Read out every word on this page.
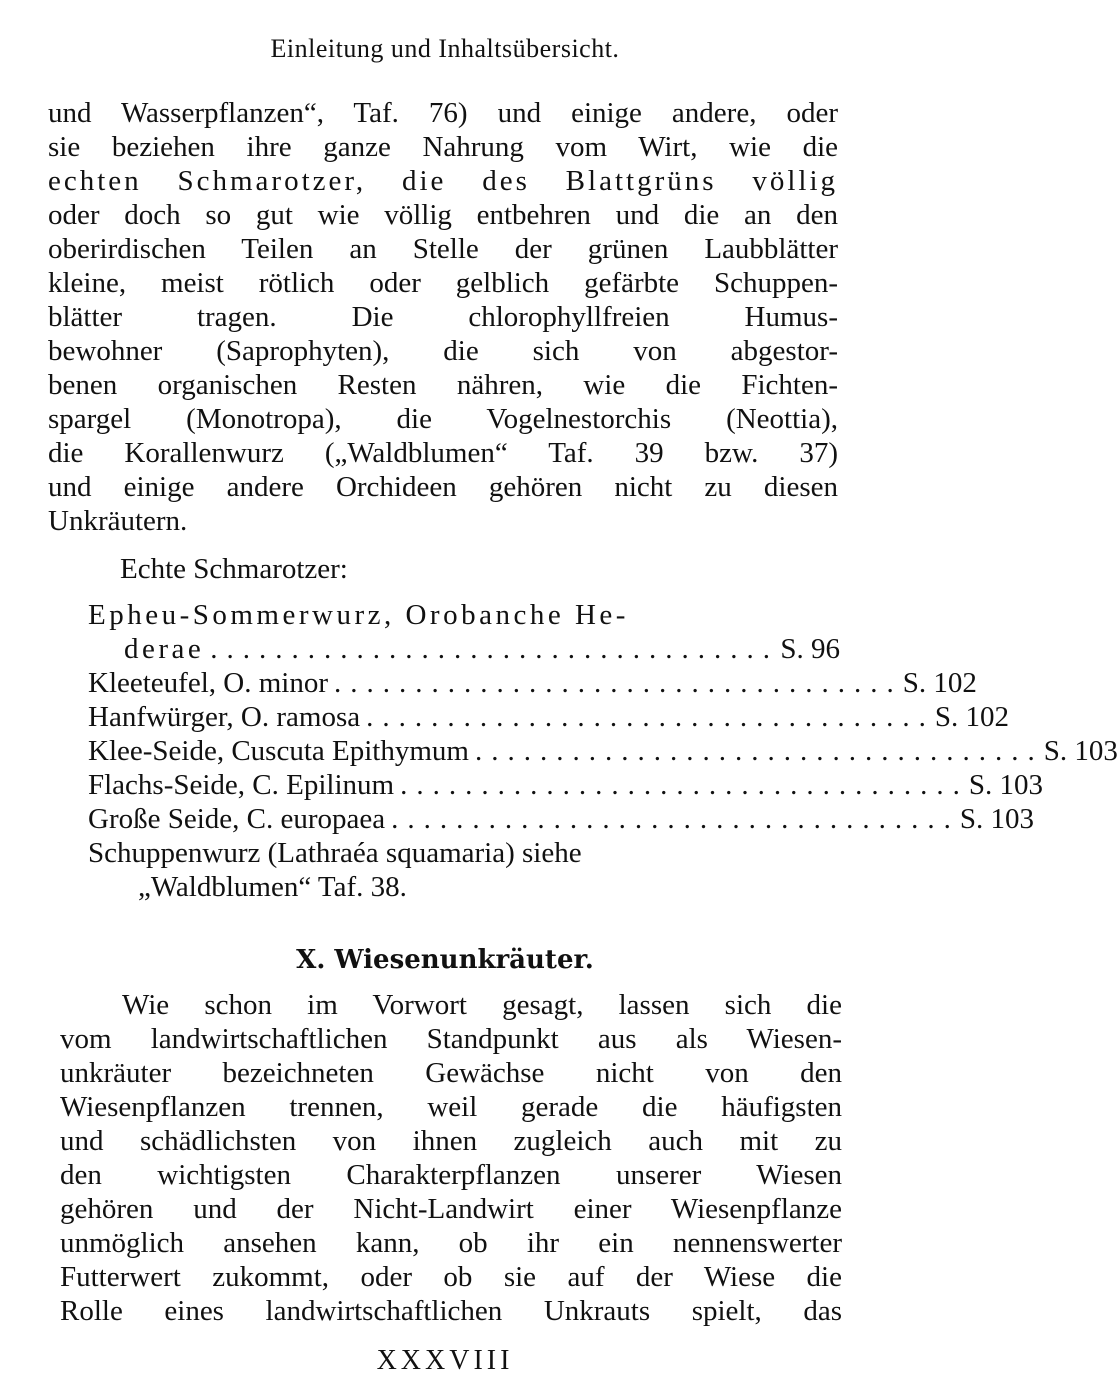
Einleitung und Inhaltsübersicht.
und Wasserpflanzen“, Taf. 76) und einige andere, oder
sie beziehen ihre ganze Nahrung vom Wirt, wie die
echten Schmarotzer, die des Blattgrüns völlig
oder doch so gut wie völlig entbehren und die an den
oberirdischen Teilen an Stelle der grünen Laubblätter
kleine, meist rötlich oder gelblich gefärbte Schuppen-
blätter tragen. Die chlorophyllfreien Humus-
bewohner (Saprophyten), die sich von abgestor-
benen organischen Resten nähren, wie die Fichten-
spargel (Monotropa), die Vogelnestorchis (Neottia),
die Korallenwurz („Waldblumen“ Taf. 39 bzw. 37)
und einige andere Orchideen gehören nicht zu diesen
Unkräutern.
Echte Schmarotzer:
Epheu-Sommerwurz, Orobanche He-
derae ................................... S. 96
Kleeteufel, O. minor ................................... S. 102
Hanfwürger, O. ramosa ................................... S. 102
Klee-Seide, Cuscuta Epithymum ................................... S. 103
Flachs-Seide, C. Epilinum ................................... S. 103
Große Seide, C. europaea ................................... S. 103
Schuppenwurz (Lathraéa squamaria) siehe
„Waldblumen“ Taf. 38.
X. Wiesenunkräuter.
Wie schon im Vorwort gesagt, lassen sich die
vom landwirtschaftlichen Standpunkt aus als Wiesen-
unkräuter bezeichneten Gewächse nicht von den
Wiesenpflanzen trennen, weil gerade die häufigsten
und schädlichsten von ihnen zugleich auch mit zu
den wichtigsten Charakterpflanzen unserer Wiesen
gehören und der Nicht-Landwirt einer Wiesenpflanze
unmöglich ansehen kann, ob ihr ein nennenswerter
Futterwert zukommt, oder ob sie auf der Wiese die
Rolle eines landwirtschaftlichen Unkrauts spielt, das
XXXVIII
